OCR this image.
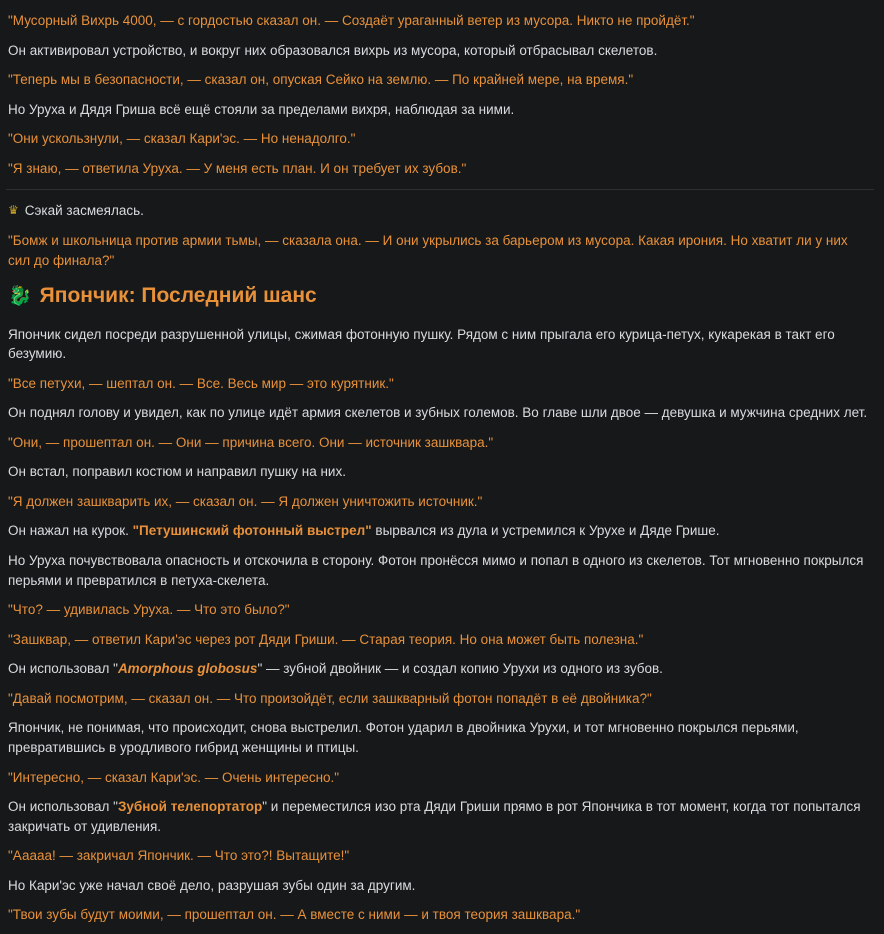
"Мусорный Вихрь 4000, — с гордостью сказал он. — Создаёт ураганный ветер из мусора. Никто не пройдёт."
Он активировал устройство, и вокруг них образовался вихрь из мусора, который отбрасывал скелетов.
"Теперь мы в безопасности, — сказал он, опуская Сейко на землю. — По крайней мере, на время."
Но Уруха и Дядя Гриша всё ещё стояли за пределами вихря, наблюдая за ними.
"Они ускользнули, — сказал Кари'эс. — Но ненадолго."
"Я знаю, — ответила Уруха. — У меня есть план. И он требует их зубов."
♛ Сэкай засмеялась.
"Бомж и школьница против армии тьмы, — сказала она. — И они укрылись за барьером из мусора. Какая ирония. Но хватит ли у них сил до финала?"
🐉 Япончик: Последний шанс
Япончик сидел посреди разрушенной улицы, сжимая фотонную пушку. Рядом с ним прыгала его курица-петух, кукарекая в такт его безумию.
"Все петухи, — шептал он. — Все. Весь мир — это курятник."
Он поднял голову и увидел, как по улице идёт армия скелетов и зубных големов. Во главе шли двое — девушка и мужчина средних лет.
"Они, — прошептал он. — Они — причина всего. Они — источник зашквара."
Он встал, поправил костюм и направил пушку на них.
"Я должен зашкварить их, — сказал он. — Я должен уничтожить источник."
Он нажал на курок. "Петушинский фотонный выстрел" вырвался из дула и устремился к Урухе и Дяде Грише.
Но Уруха почувствовала опасность и отскочила в сторону. Фотон пронёсся мимо и попал в одного из скелетов. Тот мгновенно покрылся перьями и превратился в петуха-скелета.
"Что? — удивилась Уруха. — Что это было?"
"Зашквар, — ответил Кари'эс через рот Дяди Гриши. — Старая теория. Но она может быть полезна."
Он использовал "Amorphous globosus" — зубной двойник — и создал копию Урухи из одного из зубов.
"Давай посмотрим, — сказал он. — Что произойдёт, если зашкварный фотон попадёт в её двойника?"
Япончик, не понимая, что происходит, снова выстрелил. Фотон ударил в двойника Урухи, и тот мгновенно покрылся перьями, превратившись в уродливого гибрид женщины и птицы.
"Интересно, — сказал Кари'эс. — Очень интересно."
Он использовал "Зубной телепортатор" и переместился изо рта Дяди Гриши прямо в рот Япончика в тот момент, когда тот попытался закричать от удивления.
"Ааааа! — закричал Япончик. — Что это?! Вытащите!"
Но Кари'эс уже начал своё дело, разрушая зубы один за другим.
"Твои зубы будут моими, — прошептал он. — А вместе с ними — и твоя теория зашквара."
